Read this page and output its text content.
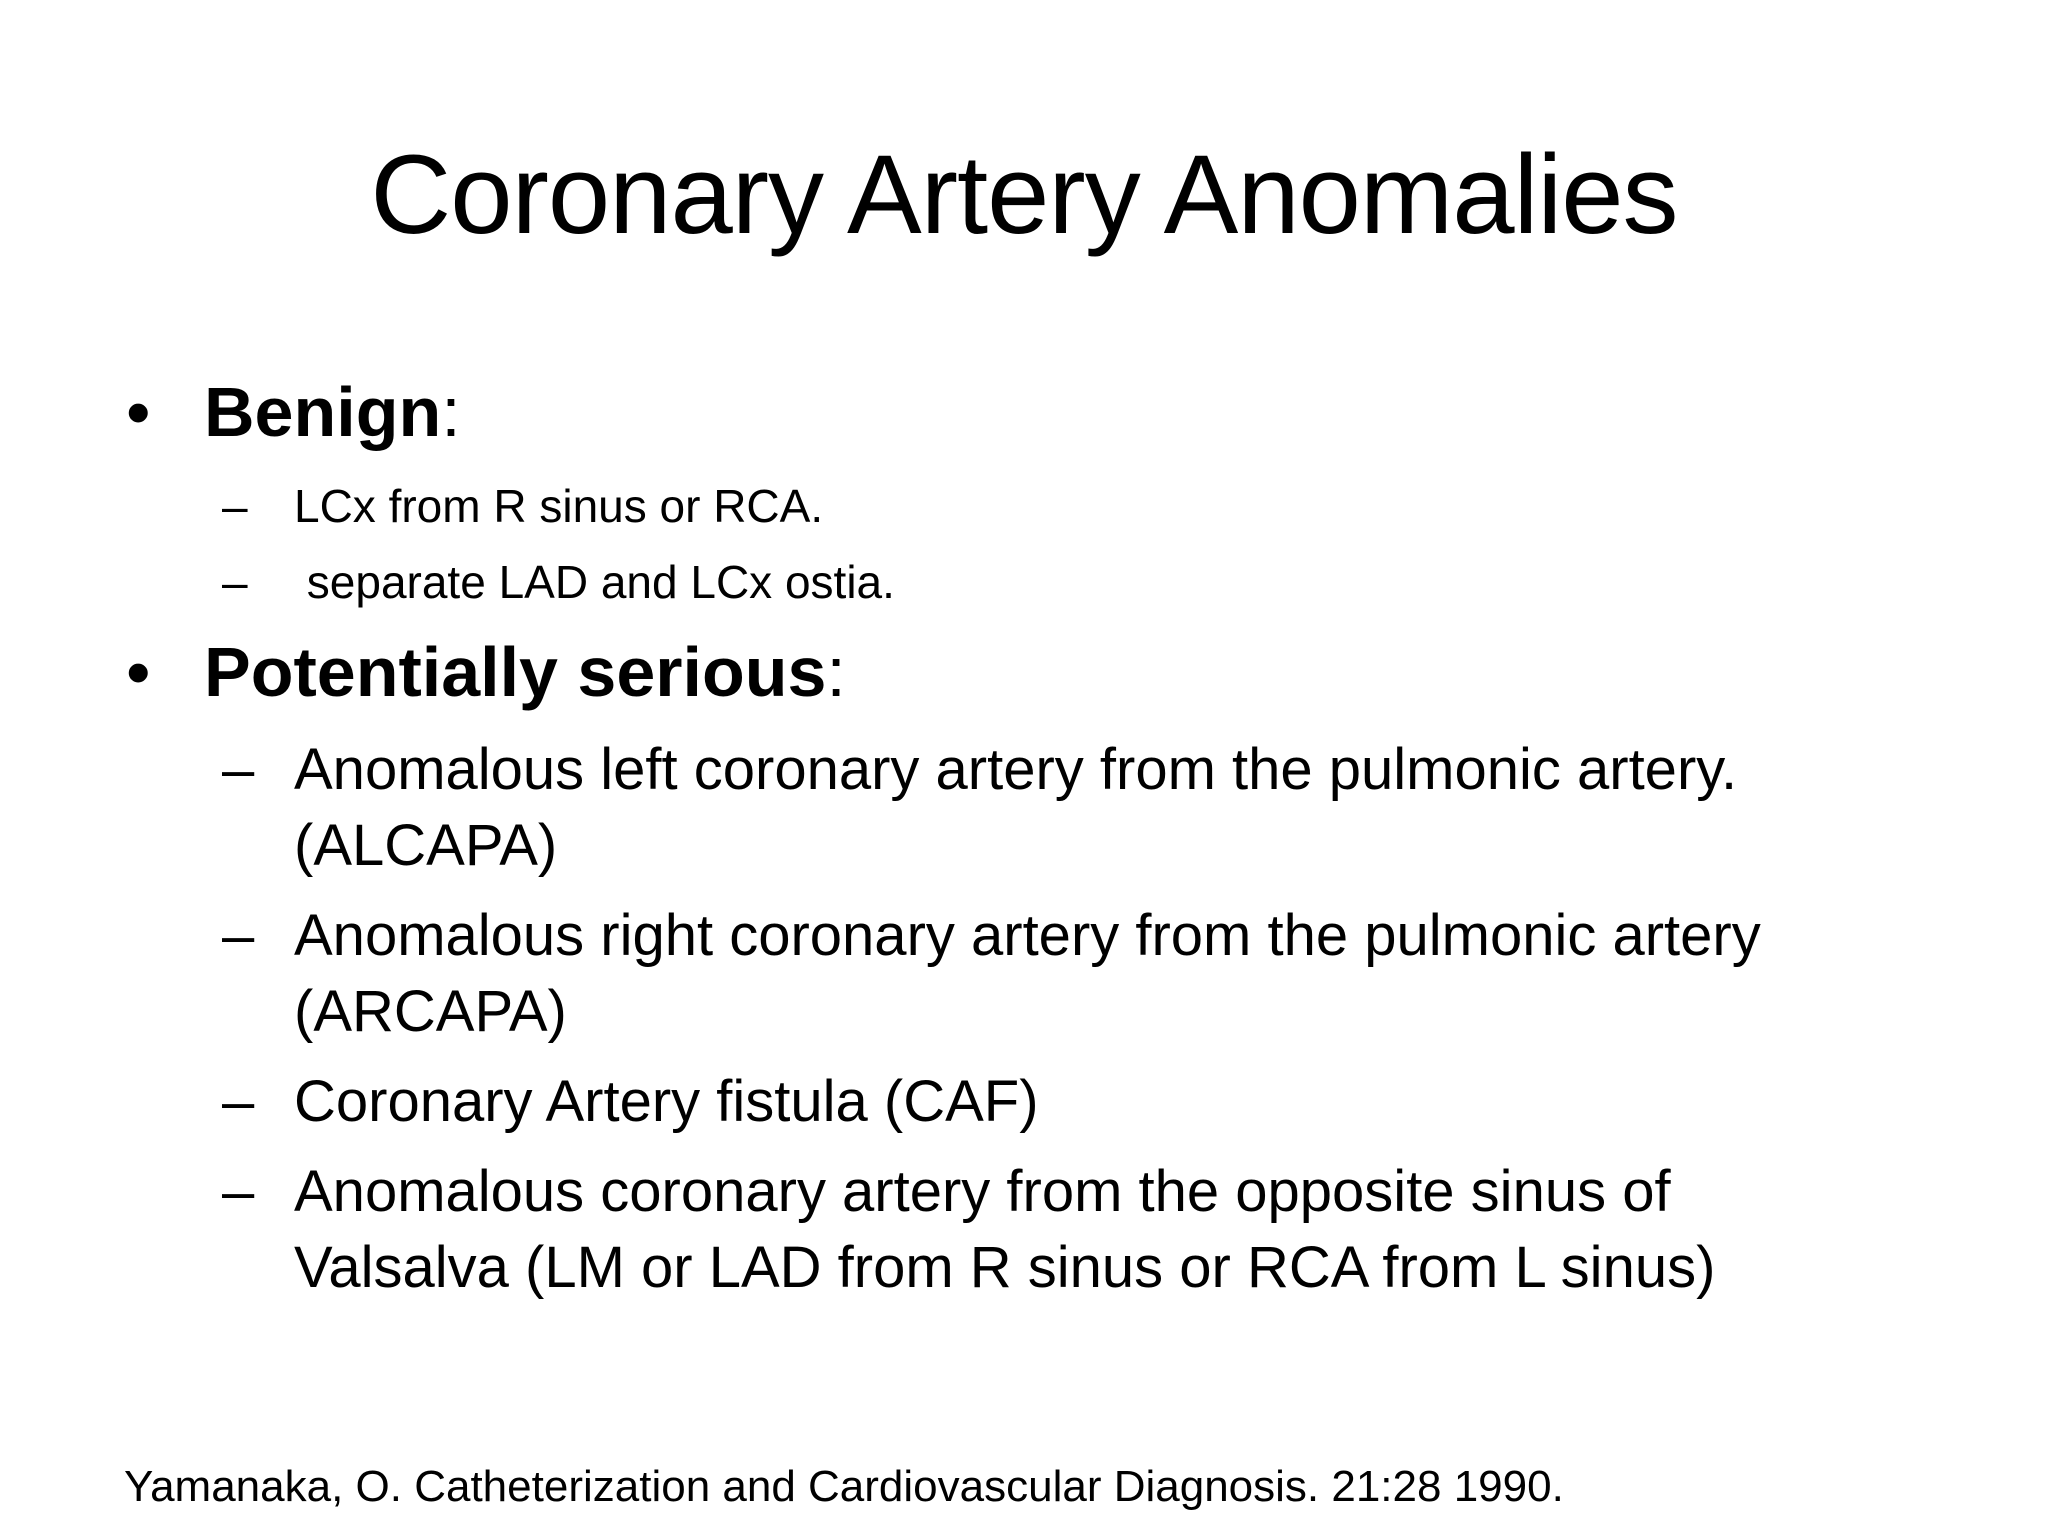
Coronary Artery Anomalies
• Benign:
– LCx from R sinus or RCA.
– separate LAD and LCx ostia.
• Potentially serious:
– Anomalous left coronary artery from the pulmonic artery.
(ALCAPA)
– Anomalous right coronary artery from the pulmonic artery
(ARCAPA)
– Coronary Artery fistula (CAF)
– Anomalous coronary artery from the opposite sinus of
Valsalva (LM or LAD from R sinus or RCA from L sinus)
Yamanaka, O. Catheterization and Cardiovascular Diagnosis. 21:28 1990.
